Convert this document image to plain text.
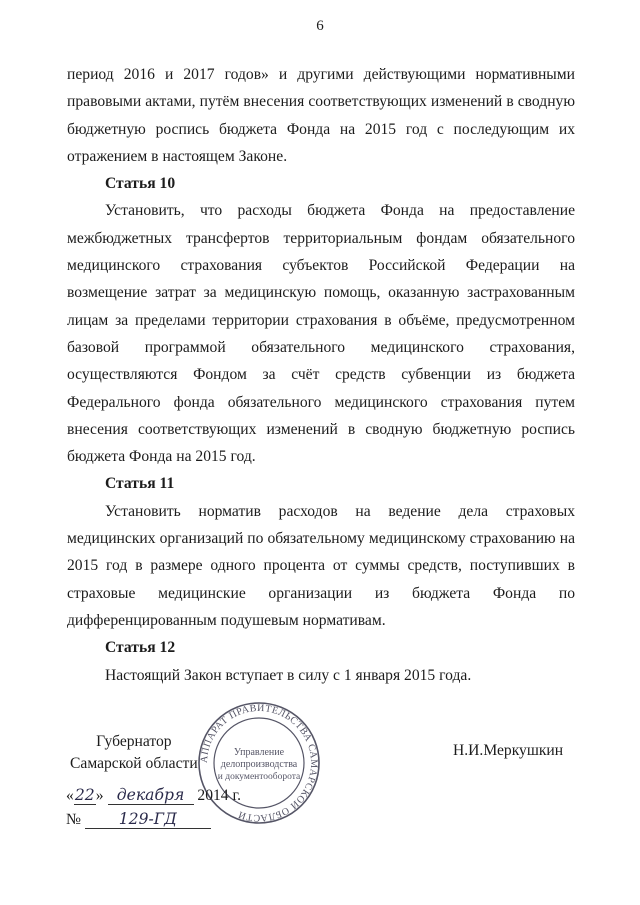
6

период 2016 и 2017 годов» и другими действующими нормативными правовыми актами, путём внесения соответствующих изменений в сводную бюджетную роспись бюджета Фонда на 2015 год с последующим их отражением в настоящем Законе.

Статья 10

Установить, что расходы бюджета Фонда на предоставление межбюджетных трансфертов территориальным фондам обязательного медицинского страхования субъектов Российской Федерации на возмещение затрат за медицинскую помощь, оказанную застрахованным лицам за пределами территории страхования в объёме, предусмотренном базовой программой обязательного медицинского страхования, осуществляются Фондом за счёт средств субвенции из бюджета Федерального фонда обязательного медицинского страхования путем внесения соответствующих изменений в сводную бюджетную роспись бюджета Фонда на 2015 год.

Статья 11

Установить норматив расходов на ведение дела страховых медицинских организаций по обязательному медицинскому страхованию на 2015 год в размере одного процента от суммы средств, поступивших в страховые медицинские организации из бюджета Фонда по дифференцированным подушевым нормативам.

Статья 12

Настоящий Закон вступает в силу с 1 января 2015 года.

Губернатор
Самарской области АППАРАТ ПРАВИТЕЛЬСТВА САМАРСКОЙ ОБЛАСТИ
Управление
делопроизводства
и документооборота
Н.И.Меркушкин
«22» декабря 2014 г.
№ 129-ГД
